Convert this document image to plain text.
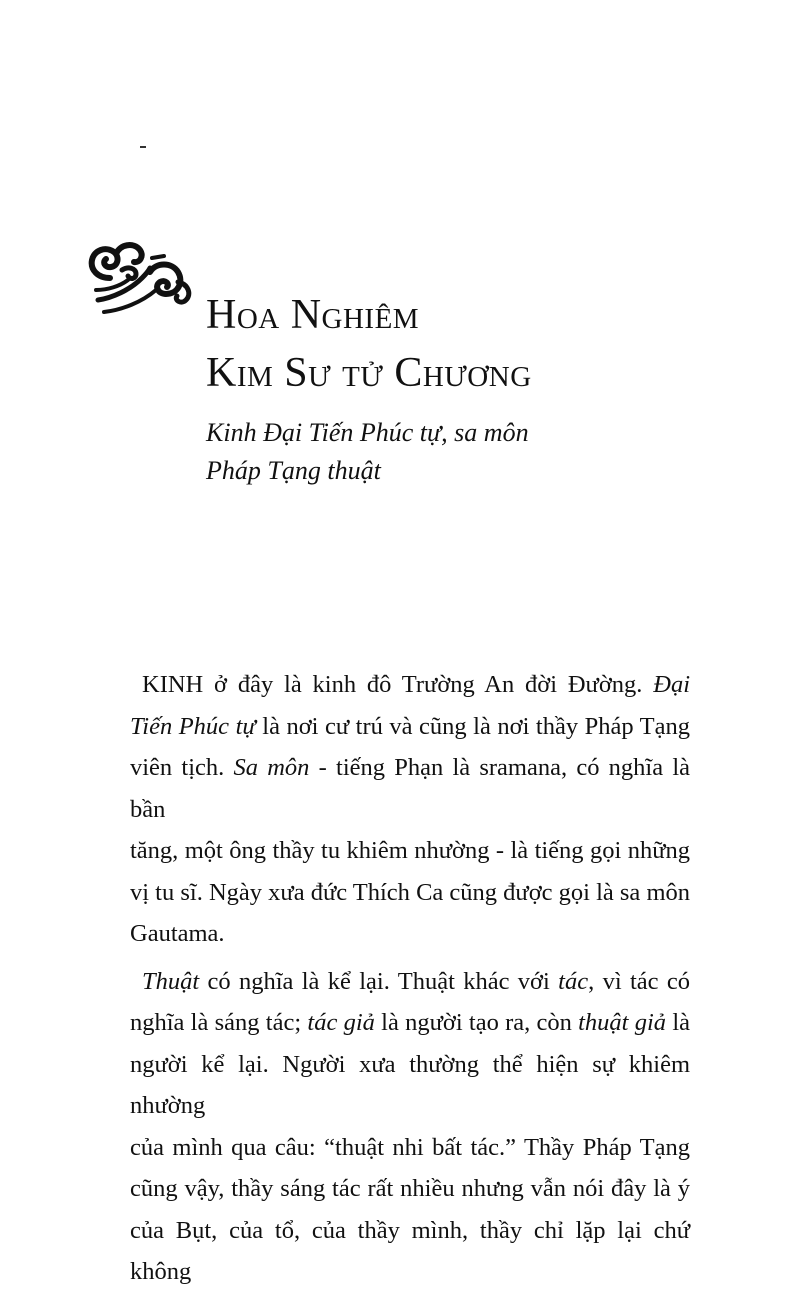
Hoa Nghiêm
Kim Sư tử Chương
Kinh Đại Tiến Phúc tự, sa môn
Pháp Tạng thuật
KINH ở đây là kinh đô Trường An đời Đường. Đại
Tiến Phúc tự là nơi cư trú và cũng là nơi thầy Pháp Tạng
viên tịch. Sa môn - tiếng Phạn là sramana, có nghĩa là bần
tăng, một ông thầy tu khiêm nhường - là tiếng gọi những
vị tu sĩ. Ngày xưa đức Thích Ca cũng được gọi là sa môn
Gautama.
Thuật có nghĩa là kể lại. Thuật khác với tác, vì tác có
nghĩa là sáng tác; tác giả là người tạo ra, còn thuật giả là
người kể lại. Người xưa thường thể hiện sự khiêm nhường
của mình qua câu: “thuật nhi bất tác.” Thầy Pháp Tạng
cũng vậy, thầy sáng tác rất nhiều nhưng vẫn nói đây là ý
của Bụt, của tổ, của thầy mình, thầy chỉ lặp lại chứ không
